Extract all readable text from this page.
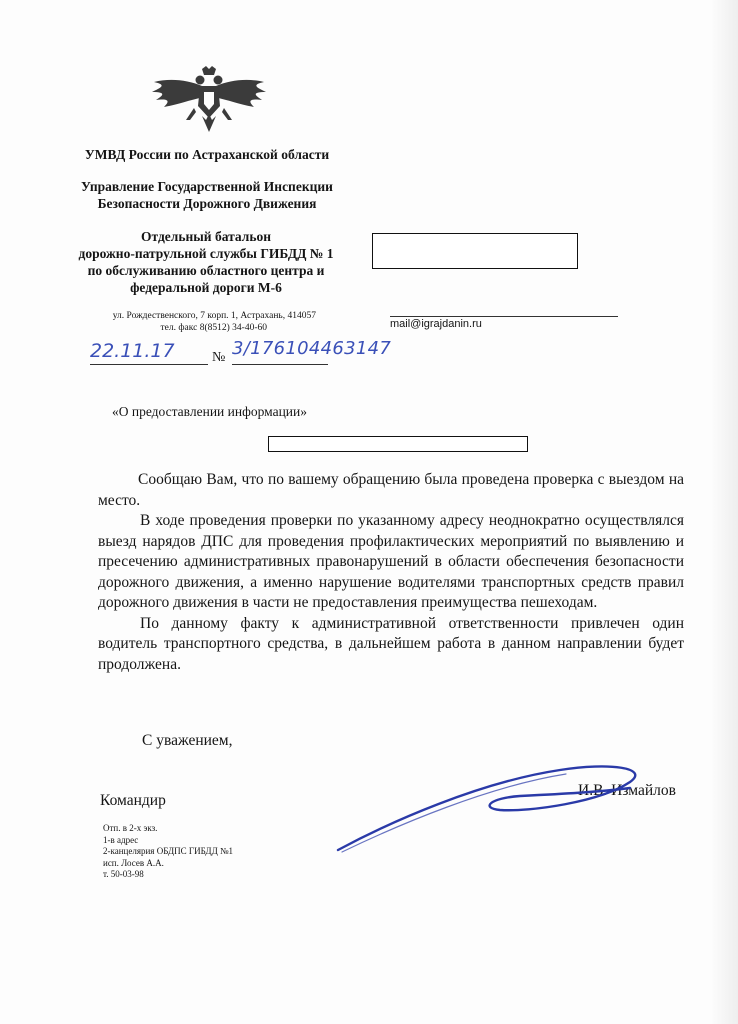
УМВД России по Астраханской области
Управление Государственной Инспекции
Безопасности Дорожного Движения
Отдельный батальон
дорожно-патрульной службы ГИБДД № 1
по обслуживанию областного центра и
федеральной дороги М-6
ул. Рождественского, 7 корп. 1, Астрахань, 414057
тел. факс 8(8512) 34-40-60	mail@igrajdanin.ru
22.11.17	№ 3/176104463147
«О предоставлении информации»

Сообщаю Вам, что по вашему обращению была проведена проверка с выездом на место.

В ходе проведения проверки по указанному адресу неоднократно осуществлялся выезд нарядов ДПС для проведения профилактических мероприятий по выявлению и пресечению административных правонарушений в области обеспечения безопасности дорожного движения, а именно нарушение водителями транспортных средств правил дорожного движения в части не предоставления преимущества пешеходам.

По данному факту к административной ответственности привлечен один водитель транспортного средства, в дальнейшем работа в данном направлении будет продолжена.

С уважением,
Командир
И.В. Измайлов
Отп. в 2-х экз.
1-в адрес
2-канцелярия ОБДПС ГИБДД №1
исп. Лосев А.А.
т. 50-03-98
